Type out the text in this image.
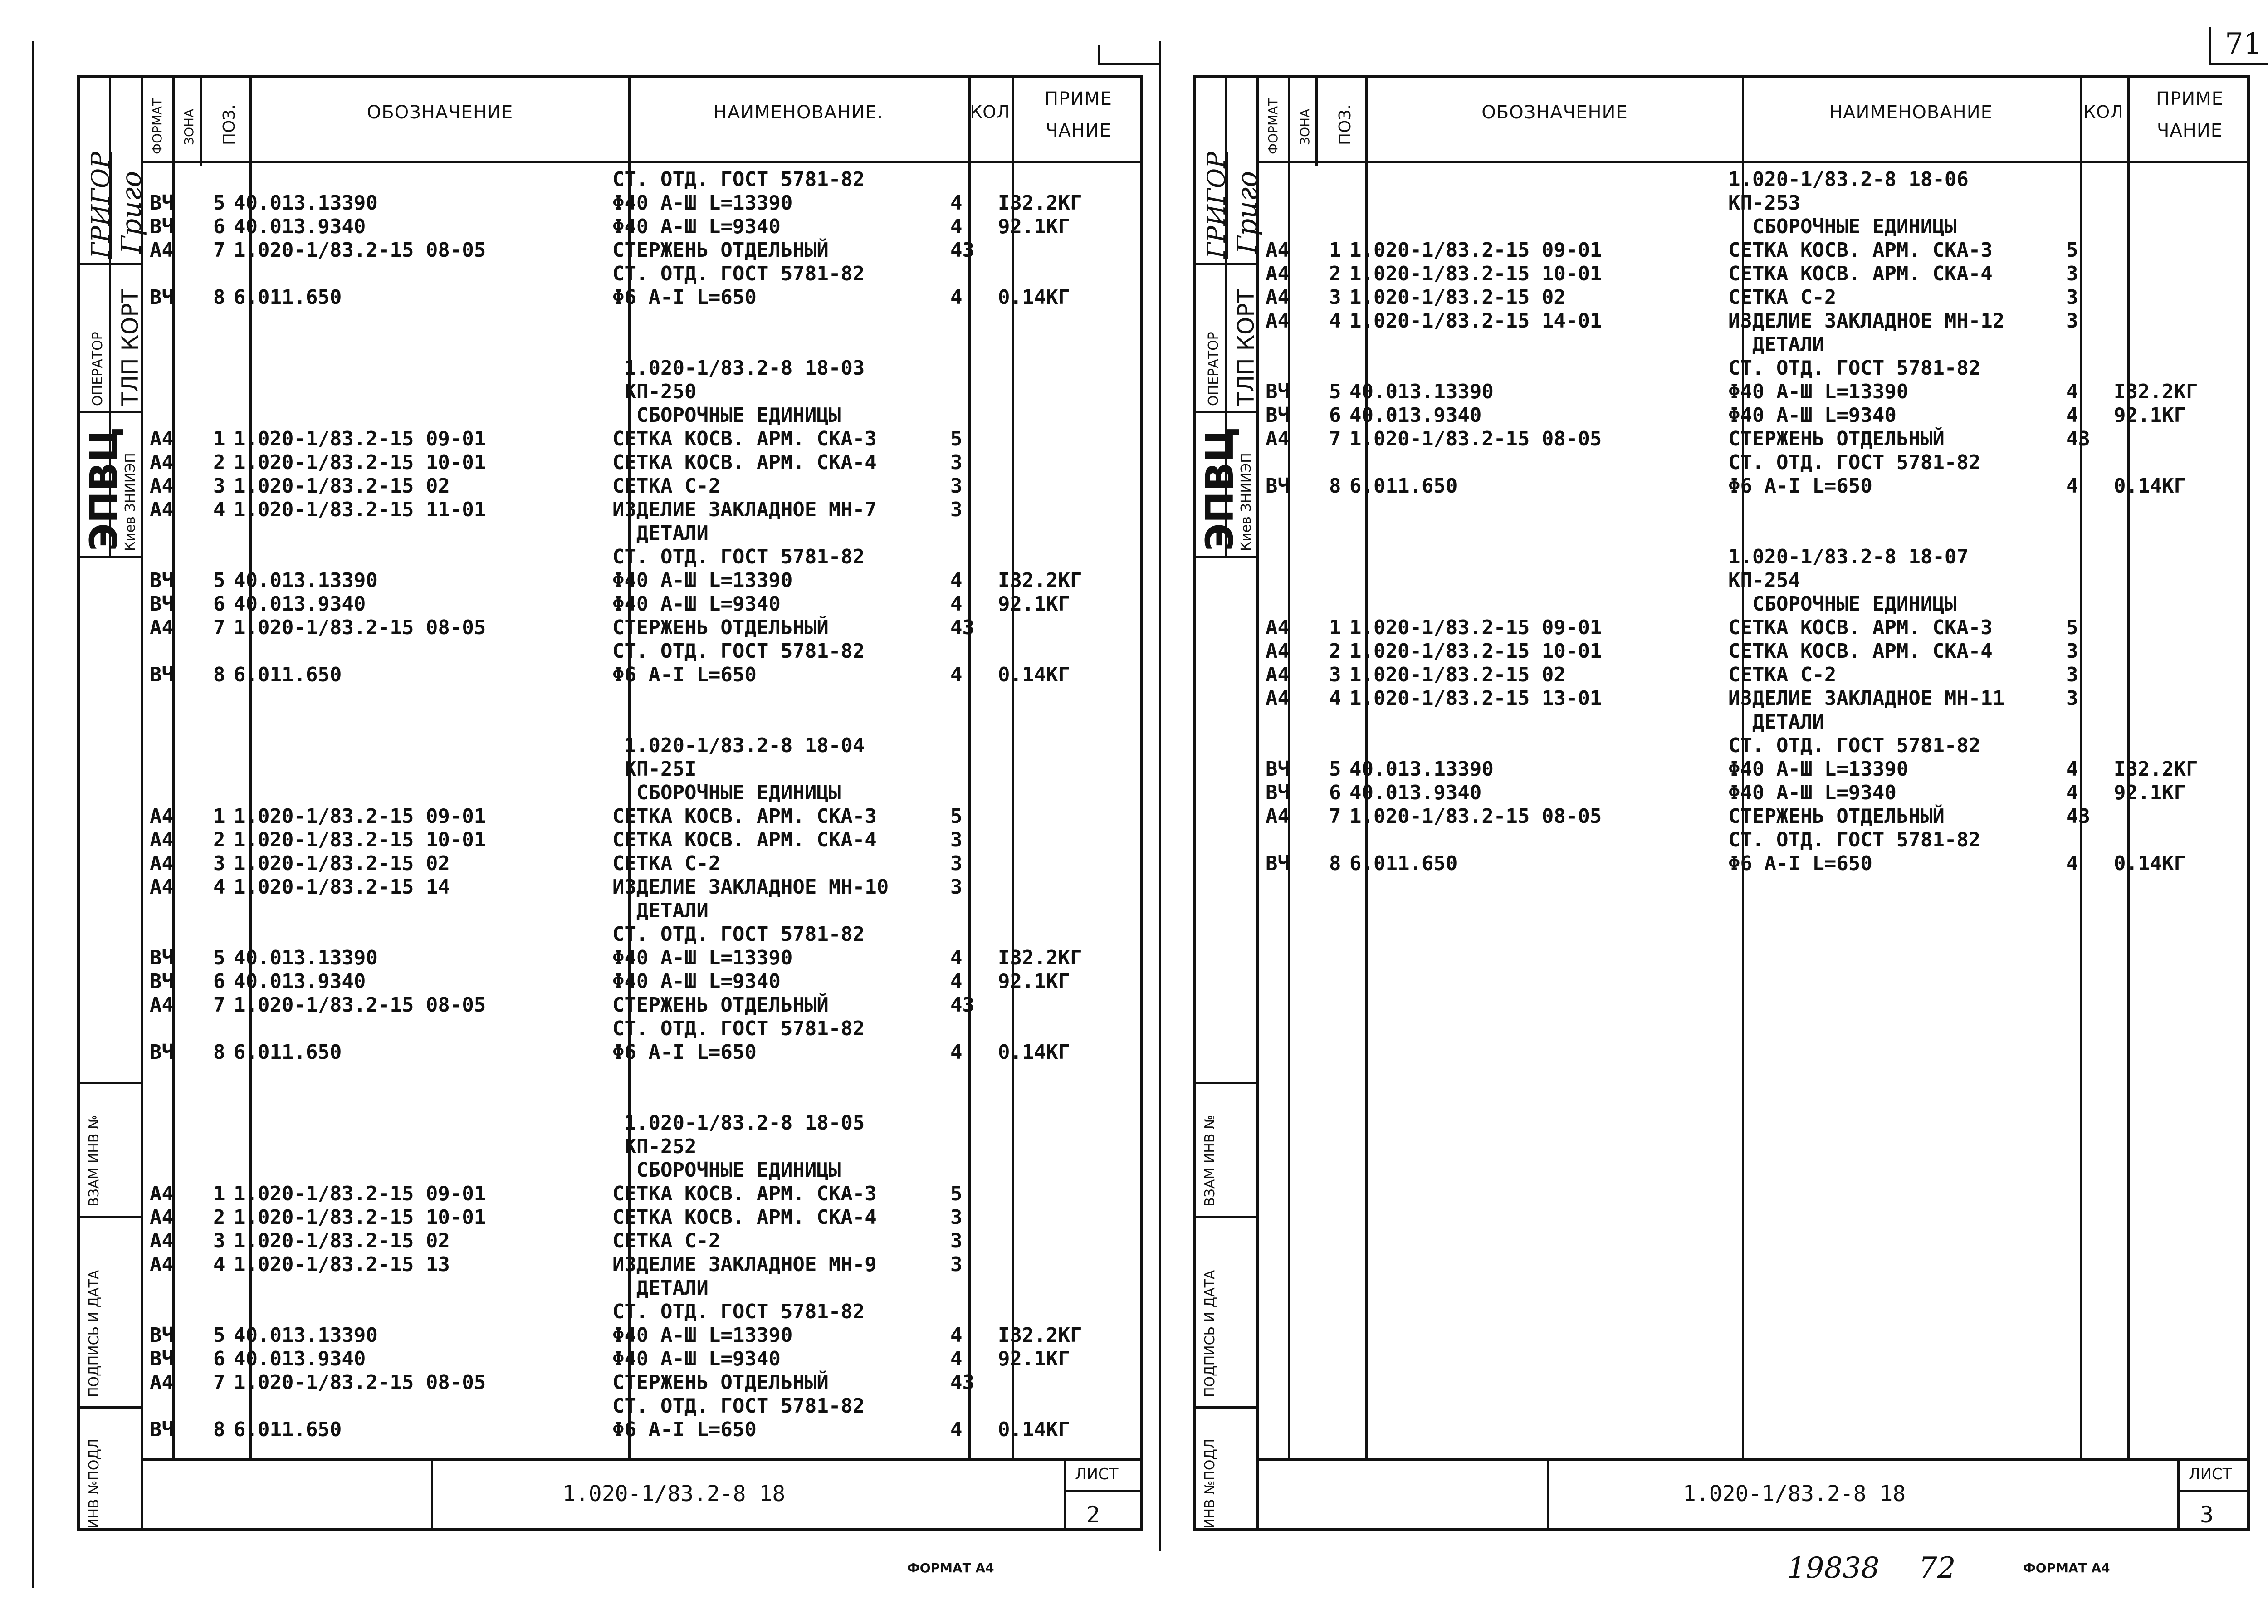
71
ЭПВЦ
Киев ЗНИИЭП
ОПЕРАТОР ТЛП КОРТ
ГРИГОР Григо
ВЗАМ ИНВ №
ПОДПИСЬ И ДАТА
ИНВ №ПОДЛ
ФОРМАТ ЗОНА ПОЗ.	ОБОЗНАЧЕНИЕ	НАИМЕНОВАНИЕ.	КОЛ
ПРИМЕ
ЧАНИЕ
СТ. ОТД. ГОСТ 5781-82
ВЧ 5 40.013.13390	Φ40 А-Ш L=13390	4 I32.2КГ
ВЧ 6 40.013.9340	Φ40 А-Ш L=9340	4 92.1КГ
А4 7 1.020-1/83.2-15 08-05	СТЕРЖЕНЬ ОТДЕЛЬНЫЙ	43
СТ. ОТД. ГОСТ 5781-82
ВЧ 8 6.011.650	Φ6 А-I L=650	4 0.14КГ
1.020-1/83.2-8 18-03
КП-250
СБОРОЧНЫЕ ЕДИНИЦЫ
А4 1 1.020-1/83.2-15 09-01	СЕТКА КОСВ. АРМ. СКА-3	5
А4 2 1.020-1/83.2-15 10-01	СЕТКА КОСВ. АРМ. СКА-4	3
А4 3 1.020-1/83.2-15 02	СЕТКА С-2	3
А4 4 1.020-1/83.2-15 11-01	ИЗДЕЛИЕ ЗАКЛАДНОЕ МН-7	3
ДЕТАЛИ
СТ. ОТД. ГОСТ 5781-82
ВЧ 5 40.013.13390	Φ40 А-Ш L=13390	4 I32.2КГ
ВЧ 6 40.013.9340	Φ40 А-Ш L=9340	4 92.1КГ
А4 7 1.020-1/83.2-15 08-05	СТЕРЖЕНЬ ОТДЕЛЬНЫЙ	43
СТ. ОТД. ГОСТ 5781-82
ВЧ 8 6.011.650	Φ6 А-I L=650	4 0.14КГ
1.020-1/83.2-8 18-04
КП-25I
СБОРОЧНЫЕ ЕДИНИЦЫ
А4 1 1.020-1/83.2-15 09-01	СЕТКА КОСВ. АРМ. СКА-3	5
А4 2 1.020-1/83.2-15 10-01	СЕТКА КОСВ. АРМ. СКА-4	3
А4 3 1.020-1/83.2-15 02	СЕТКА С-2	3
А4 4 1.020-1/83.2-15 14	ИЗДЕЛИЕ ЗАКЛАДНОЕ МН-10	3
ДЕТАЛИ
СТ. ОТД. ГОСТ 5781-82
ВЧ 5 40.013.13390	Φ40 А-Ш L=13390	4 I32.2КГ
ВЧ 6 40.013.9340	Φ40 А-Ш L=9340	4 92.1КГ
А4 7 1.020-1/83.2-15 08-05	СТЕРЖЕНЬ ОТДЕЛЬНЫЙ	43
СТ. ОТД. ГОСТ 5781-82
ВЧ 8 6.011.650	Φ6 А-I L=650	4 0.14КГ
1.020-1/83.2-8 18-05
КП-252
СБОРОЧНЫЕ ЕДИНИЦЫ
А4 1 1.020-1/83.2-15 09-01	СЕТКА КОСВ. АРМ. СКА-3	5
А4 2 1.020-1/83.2-15 10-01	СЕТКА КОСВ. АРМ. СКА-4	3
А4 3 1.020-1/83.2-15 02	СЕТКА С-2	3
А4 4 1.020-1/83.2-15 13	ИЗДЕЛИЕ ЗАКЛАДНОЕ МН-9	3
ДЕТАЛИ
СТ. ОТД. ГОСТ 5781-82
ВЧ 5 40.013.13390	Φ40 А-Ш L=13390	4 I32.2КГ
ВЧ 6 40.013.9340	Φ40 А-Ш L=9340	4 92.1КГ
А4 7 1.020-1/83.2-15 08-05	СТЕРЖЕНЬ ОТДЕЛЬНЫЙ	43
СТ. ОТД. ГОСТ 5781-82
ВЧ 8 6.011.650	Φ6 А-I L=650	4 0.14КГ
1.020-1/83.2-8 18
ЛИСТ
2
ФОРМАТ А4
ЭПВЦ
Киев ЗНИИЭП
ОПЕРАТОР ТЛП КОРТ
ГРИГОР Григо
ВЗАМ ИНВ №
ПОДПИСЬ И ДАТА
ИНВ №ПОДЛ
ФОРМАТ ЗОНА ПОЗ.	ОБОЗНАЧЕНИЕ	НАИМЕНОВАНИЕ	КОЛ
ПРИМЕ
ЧАНИЕ
1.020-1/83.2-8 18-06
КП-253
СБОРОЧНЫЕ ЕДИНИЦЫ
А4 1 1.020-1/83.2-15 09-01	СЕТКА КОСВ. АРМ. СКА-3	5
А4 2 1.020-1/83.2-15 10-01	СЕТКА КОСВ. АРМ. СКА-4	3
А4 3 1.020-1/83.2-15 02	СЕТКА С-2	3
А4 4 1.020-1/83.2-15 14-01	ИЗДЕЛИЕ ЗАКЛАДНОЕ МН-12	3
ДЕТАЛИ
СТ. ОТД. ГОСТ 5781-82
ВЧ 5 40.013.13390	Φ40 А-Ш L=13390	4 I32.2КГ
ВЧ 6 40.013.9340	Φ40 А-Ш L=9340	4 92.1КГ
А4 7 1.020-1/83.2-15 08-05	СТЕРЖЕНЬ ОТДЕЛЬНЫЙ	43
СТ. ОТД. ГОСТ 5781-82
ВЧ 8 6.011.650	Φ6 А-I L=650	4 0.14КГ
1.020-1/83.2-8 18-07
КП-254
СБОРОЧНЫЕ ЕДИНИЦЫ
А4 1 1.020-1/83.2-15 09-01	СЕТКА КОСВ. АРМ. СКА-3	5
А4 2 1.020-1/83.2-15 10-01	СЕТКА КОСВ. АРМ. СКА-4	3
А4 3 1.020-1/83.2-15 02	СЕТКА С-2	3
А4 4 1.020-1/83.2-15 13-01	ИЗДЕЛИЕ ЗАКЛАДНОЕ МН-11	3
ДЕТАЛИ
СТ. ОТД. ГОСТ 5781-82
ВЧ 5 40.013.13390	Φ40 А-Ш L=13390	4 I32.2КГ
ВЧ 6 40.013.9340	Φ40 А-Ш L=9340	4 92.1КГ
А4 7 1.020-1/83.2-15 08-05	СТЕРЖЕНЬ ОТДЕЛЬНЫЙ	43
СТ. ОТД. ГОСТ 5781-82
ВЧ 8 6.011.650	Φ6 А-I L=650	4 0.14КГ
1.020-1/83.2-8 18
ЛИСТ
3
19838 72	ФОРМАТ А4
